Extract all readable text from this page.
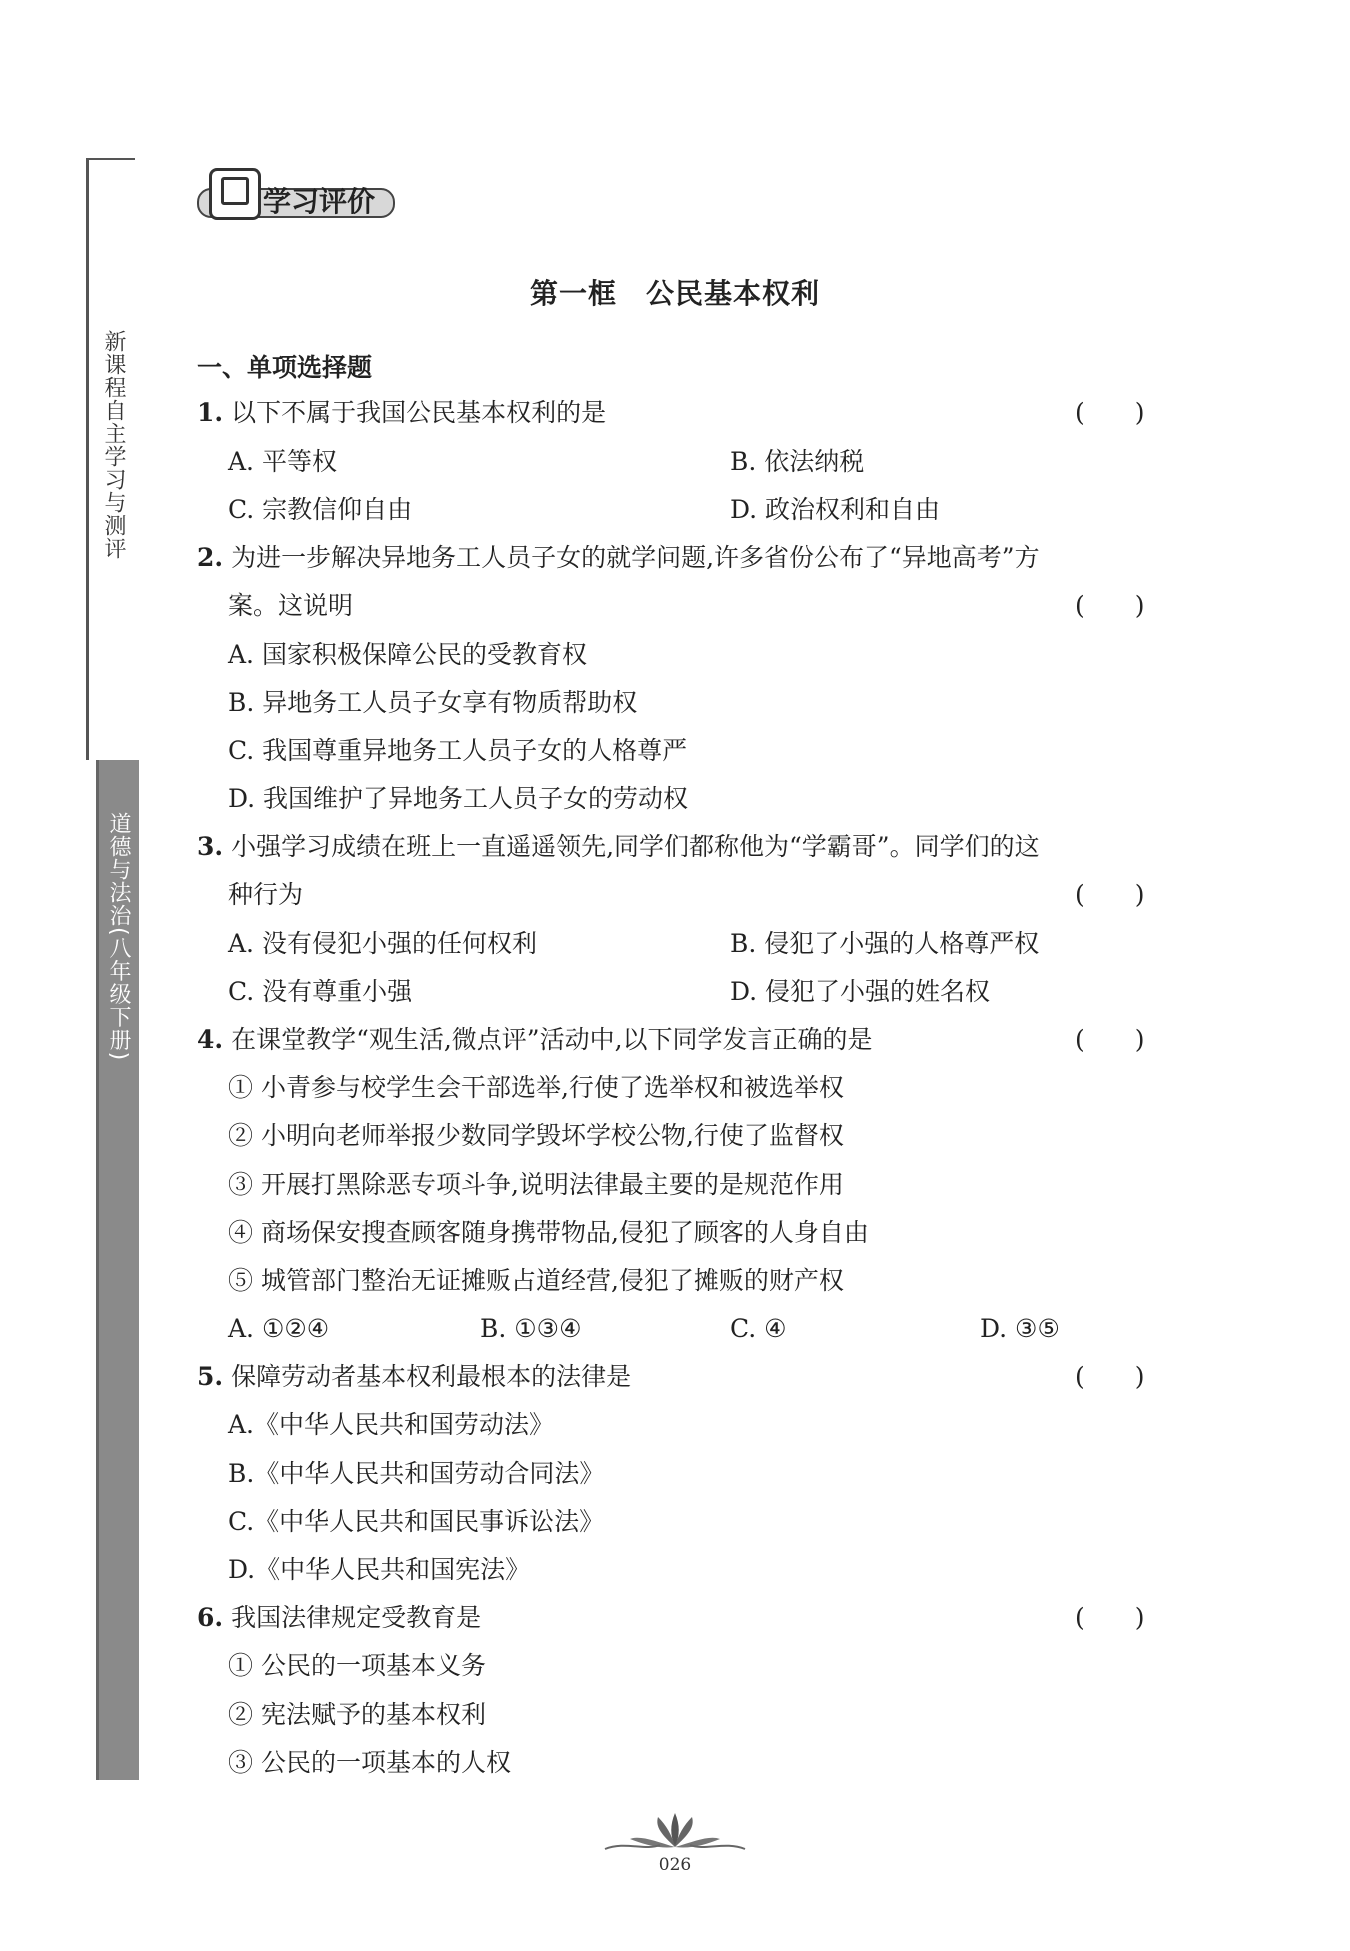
新课程自主学习与测评
道德与法治(八年级下册)
学习评价
第一框　公民基本权利
一、单项选择题
1. 以下不属于我国公民基本权利的是	(　　)
A. 平等权	B. 依法纳税
C. 宗教信仰自由	D. 政治权利和自由
2. 为进一步解决异地务工人员子女的就学问题,许多省份公布了“异地高考”方
案。这说明	(　　)
A. 国家积极保障公民的受教育权
B. 异地务工人员子女享有物质帮助权
C. 我国尊重异地务工人员子女的人格尊严
D. 我国维护了异地务工人员子女的劳动权
3. 小强学习成绩在班上一直遥遥领先,同学们都称他为“学霸哥”。同学们的这
种行为	(　　)
A. 没有侵犯小强的任何权利	B. 侵犯了小强的人格尊严权
C. 没有尊重小强	D. 侵犯了小强的姓名权
4. 在课堂教学“观生活,微点评”活动中,以下同学发言正确的是	(　　)
① 小青参与校学生会干部选举,行使了选举权和被选举权
② 小明向老师举报少数同学毁坏学校公物,行使了监督权
③ 开展打黑除恶专项斗争,说明法律最主要的是规范作用
④ 商场保安搜查顾客随身携带物品,侵犯了顾客的人身自由
⑤ 城管部门整治无证摊贩占道经营,侵犯了摊贩的财产权
A. ①②④	B. ①③④	C. ④	D. ③⑤
5. 保障劳动者基本权利最根本的法律是	(　　)
A.《中华人民共和国劳动法》
B.《中华人民共和国劳动合同法》
C.《中华人民共和国民事诉讼法》
D.《中华人民共和国宪法》
6. 我国法律规定受教育是	(　　)
① 公民的一项基本义务
② 宪法赋予的基本权利
③ 公民的一项基本的人权
026
